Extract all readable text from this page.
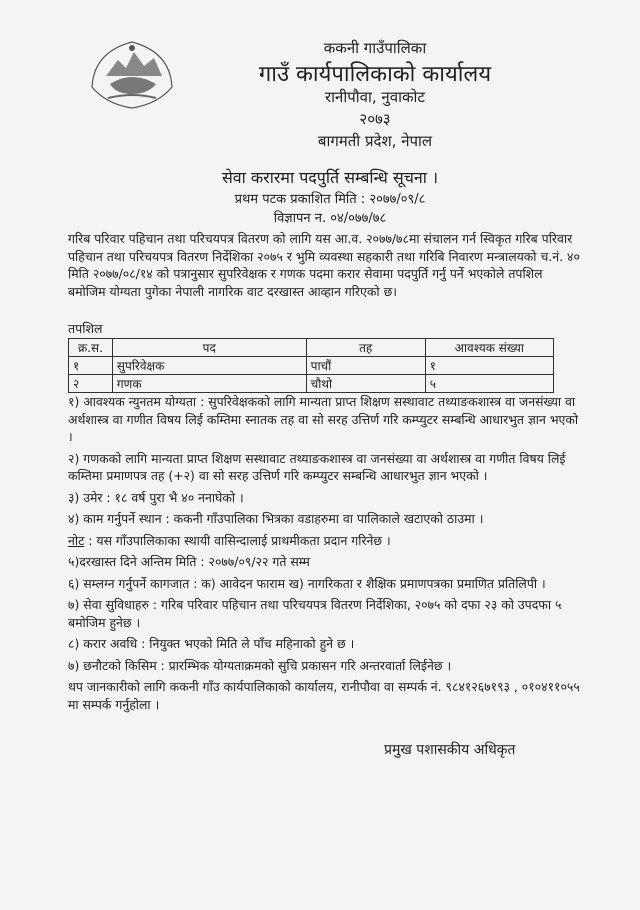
ककनी गाउँपालिका
गाउँ कार्यपालिकाको कार्यालय
रानीपौवा, नुवाकोट
२०७३
बागमती प्रदेश, नेपाल
सेवा करारमा पदपुर्ति सम्बन्धि सूचना ।
प्रथम पटक प्रकाशित मिति : २०७७/०९/८
विज्ञापन न. ०४/०७७/७८
गरिब परिवार पहिचान तथा परिचयपत्र वितरण को लागि यस आ.व. २०७७/७८मा संचालन गर्न स्विकृत गरिब परिवार पहिचान तथा परिचयपत्र वितरण निर्देशिका २०७५ र भुमि व्यवस्था सहकारी तथा गरिबि निवारण मन्त्रालयको च.नं. ४० मिति २०७७/०८/१४ को पत्रानुसार सुपरिवेक्षक र गणक पदमा करार सेवामा पदपुर्ति गर्नु पर्ने भएकोले तपशिल बमोजिम योग्यता पुगेका नेपाली नागरिक वाट दरखास्त आव्हान गरिएको छ।
तपशिल
क्र.स.	पद	तह	आवश्यक संख्या
१	सुपरिवेक्षक	पाचौं	१
२	गणक	चौथो	५

१) आवश्यक न्युनतम योग्यता : सुपरिवेक्षकको लागि मान्यता प्राप्त शिक्षण सस्थावाट तथ्याङकशास्त्र वा जनसंख्या वा अर्थशास्त्र वा गणीत विषय लिई कम्तिमा स्नातक तह वा सो सरह उत्तिर्ण गरि कम्प्युटर सम्बन्धि आधारभुत ज्ञान भएको ।

२) गणकको लागि मान्यता प्राप्त शिक्षण सस्थावाट तथ्याङकशास्त्र वा जनसंख्या वा अर्थशास्त्र वा गणीत विषय लिई कम्तिमा प्रमाणपत्र तह (+२) वा सो सरह उत्तिर्ण गरि कम्प्युटर सम्बन्धि आधारभुत ज्ञान भएको ।

३) उमेर : १८ वर्ष पुरा भै ४० ननाघेको ।

४) काम गर्नुपर्ने स्थान : ककनी गाँउपालिका भित्रका वडाहरुमा वा पालिकाले खटाएको ठाउमा ।

नोट : यस गाँउपालिकाका स्थायी वासिन्दालाई प्राथमीकता प्रदान गरिनेछ ।

५)दरखास्त दिने अन्तिम मिति : २०७७/०९/२२ गते सम्म

६) सम्लग्न गर्नुपर्ने कागजात : क) आवेदन फाराम ख) नागरिकता र शैक्षिक प्रमाणपत्रका प्रमाणित प्रतिलिपी ।

७) सेवा सुविधाहरु : गरिब परिवार पहिचान तथा परिचयपत्र वितरण निर्देशिका, २०७५ को दफा २३ को उपदफा ५ बमोजिम हुनेछ ।

८) करार अवधि : नियुक्त भएको मिति ले पाँच महिनाको हुने छ ।

७) छनौटको किसिम : प्रारम्भिक योग्यताक्रमको सुचि प्रकासन गरि अन्तरवार्ता लिईनेछ ।

थप जानकारीको लागि ककनी गाँउ कार्यपालिकाको कार्यालय, रानीपौवा वा सम्पर्क नं. ९८४१२६७१९३ , ०१०४११०५५ मा सम्पर्क गर्नुहोला ।

प्रमुख पशासकीय अधिकृत
